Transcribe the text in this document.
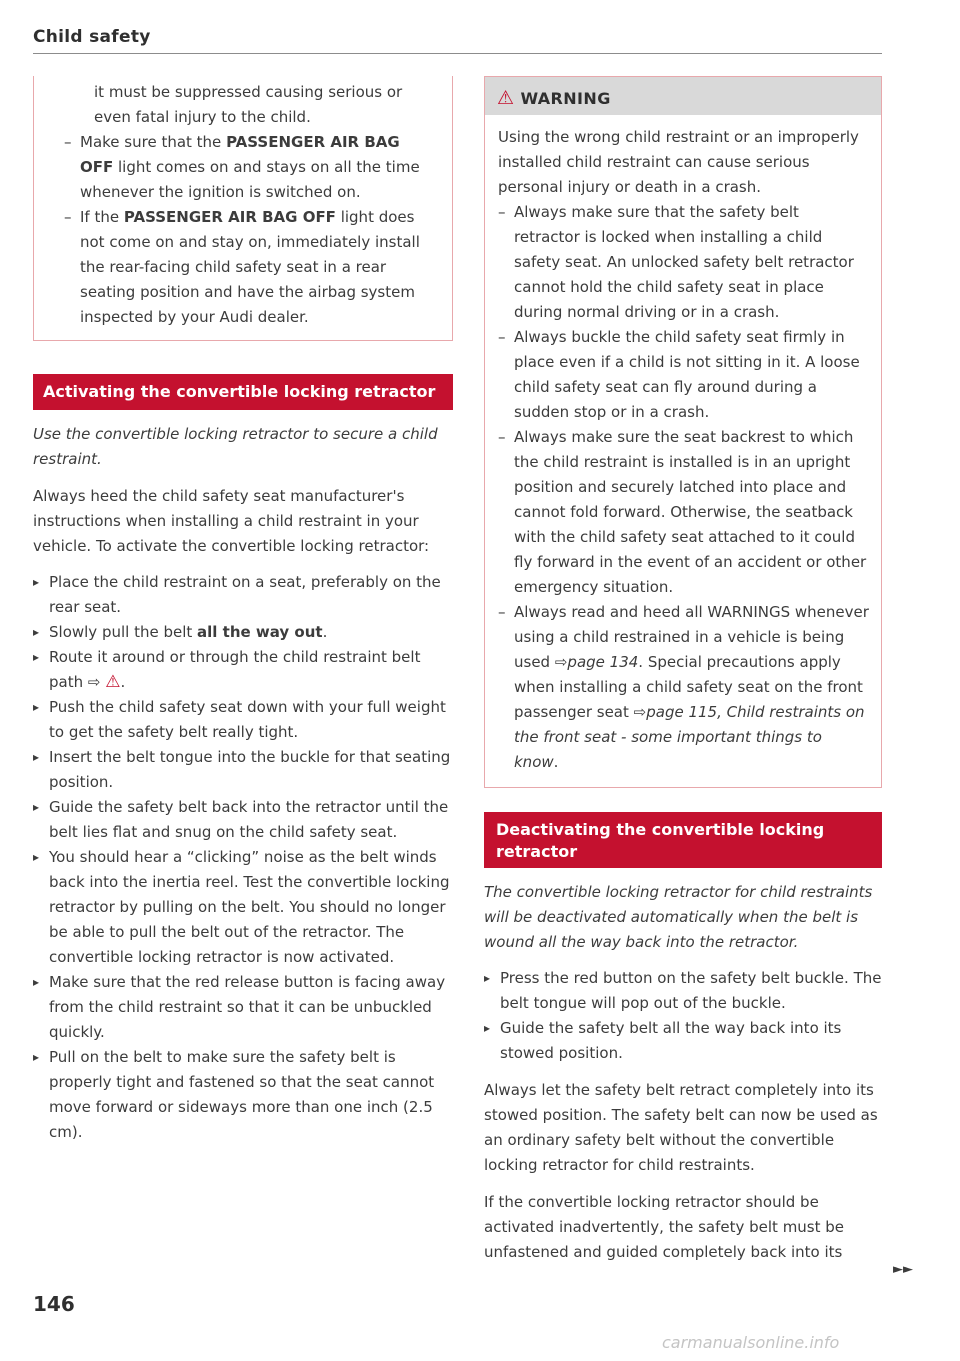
Child safety

it must be suppressed causing serious or even fatal injury to the child.

– Make sure that the PASSENGER AIR BAG OFF light comes on and stays on all the time whenever the ignition is switched on.
– If the PASSENGER AIR BAG OFF light does not come on and stay on, immediately install the rear-facing child safety seat in a rear seating position and have the airbag system inspected by your Audi dealer.
Activating the convertible locking retractor

Use the convertible locking retractor to secure a child restraint.

Always heed the child safety seat manufacturer's instructions when installing a child restraint in your vehicle. To activate the convertible locking retractor:

▸ Place the child restraint on a seat, preferably on the rear seat.
▸ Slowly pull the belt all the way out.
▸ Route it around or through the child restraint belt path ⇨ ⚠.
▸ Push the child safety seat down with your full weight to get the safety belt really tight.
▸ Insert the belt tongue into the buckle for that seating position.
▸ Guide the safety belt back into the retractor until the belt lies flat and snug on the child safety seat.
▸ You should hear a “clicking” noise as the belt winds back into the inertia reel. Test the convertible locking retractor by pulling on the belt. You should no longer be able to pull the belt out of the retractor. The convertible locking retractor is now activated.
▸ Make sure that the red release button is facing away from the child restraint so that it can be unbuckled quickly.
▸ Pull on the belt to make sure the safety belt is properly tight and fastened so that the seat cannot move forward or sideways more than one inch (2.5 cm).
⚠ WARNING

Using the wrong child restraint or an improperly installed child restraint can cause serious personal injury or death in a crash.

– Always make sure that the safety belt retractor is locked when installing a child safety seat. An unlocked safety belt retractor cannot hold the child safety seat in place during normal driving or in a crash.
– Always buckle the child safety seat firmly in place even if a child is not sitting in it. A loose child safety seat can fly around during a sudden stop or in a crash.
– Always make sure the seat backrest to which the child restraint is installed is in an upright position and securely latched into place and cannot fold forward. Otherwise, the seatback with the child safety seat attached to it could fly forward in the event of an accident or other emergency situation.
– Always read and heed all WARNINGS whenever using a child restrained in a vehicle is being used ⇨page 134. Special precautions apply when installing a child safety seat on the front passenger seat ⇨page 115, Child restraints on the front seat - some important things to know.
Deactivating the convertible locking retractor

The convertible locking retractor for child restraints will be deactivated automatically when the belt is wound all the way back into the retractor.

▸ Press the red button on the safety belt buckle. The belt tongue will pop out of the buckle.
▸ Guide the safety belt all the way back into its stowed position.

Always let the safety belt retract completely into its stowed position. The safety belt can now be used as an ordinary safety belt without the convertible locking retractor for child restraints.

If the convertible locking retractor should be activated inadvertently, the safety belt must be unfastened and guided completely back into its

►►
146
carmanualsonline.info
